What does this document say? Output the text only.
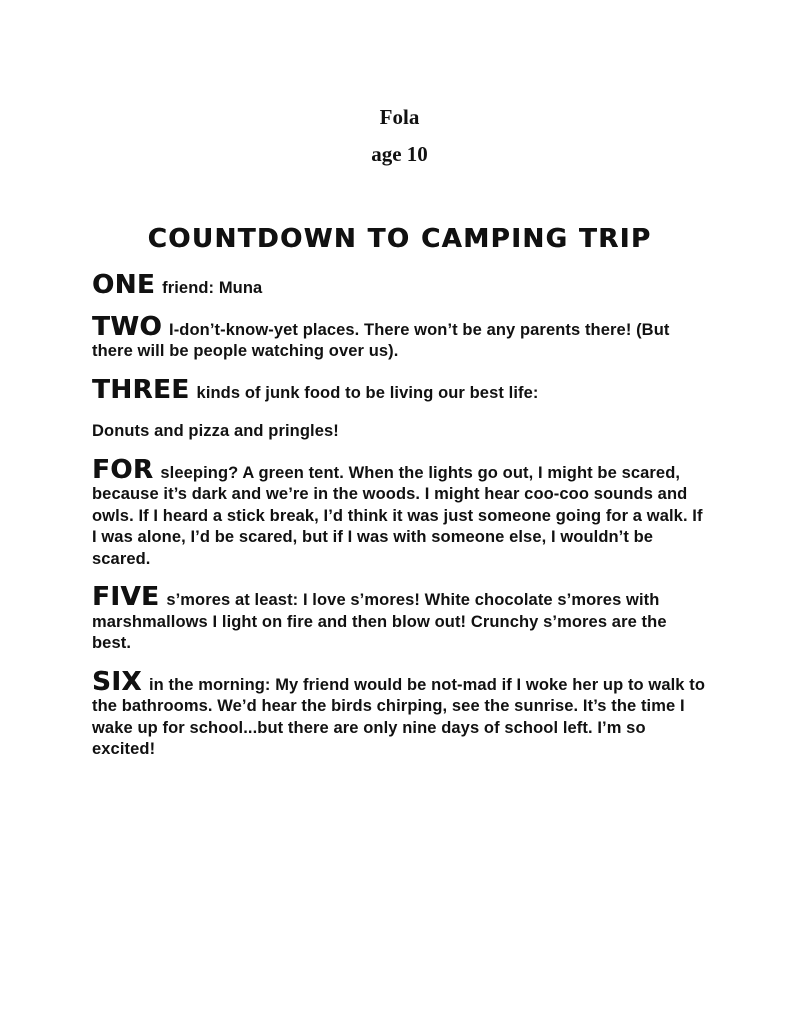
Fola

age 10

COUNTDOWN TO CAMPING TRIP

ONE friend: Muna

TWO I-don’t-know-yet places. There won’t be any parents there! (But there will be people watching over us).

THREE kinds of junk food to be living our best life:

Donuts and pizza and pringles!

FOR sleeping? A green tent. When the lights go out, I might be scared, because it’s dark and we’re in the woods. I might hear coo-coo sounds and owls. If I heard a stick break, I’d think it was just someone going for a walk. If I was alone, I’d be scared, but if I was with someone else, I wouldn’t be scared.

FIVE s’mores at least: I love s’mores! White chocolate s’mores with marshmallows I light on fire and then blow out! Crunchy s’mores are the best.

SIX in the morning: My friend would be not-mad if I woke her up to walk to the bathrooms. We’d hear the birds chirping, see the sunrise. It’s the time I wake up for school...but there are only nine days of school left. I’m so excited!
